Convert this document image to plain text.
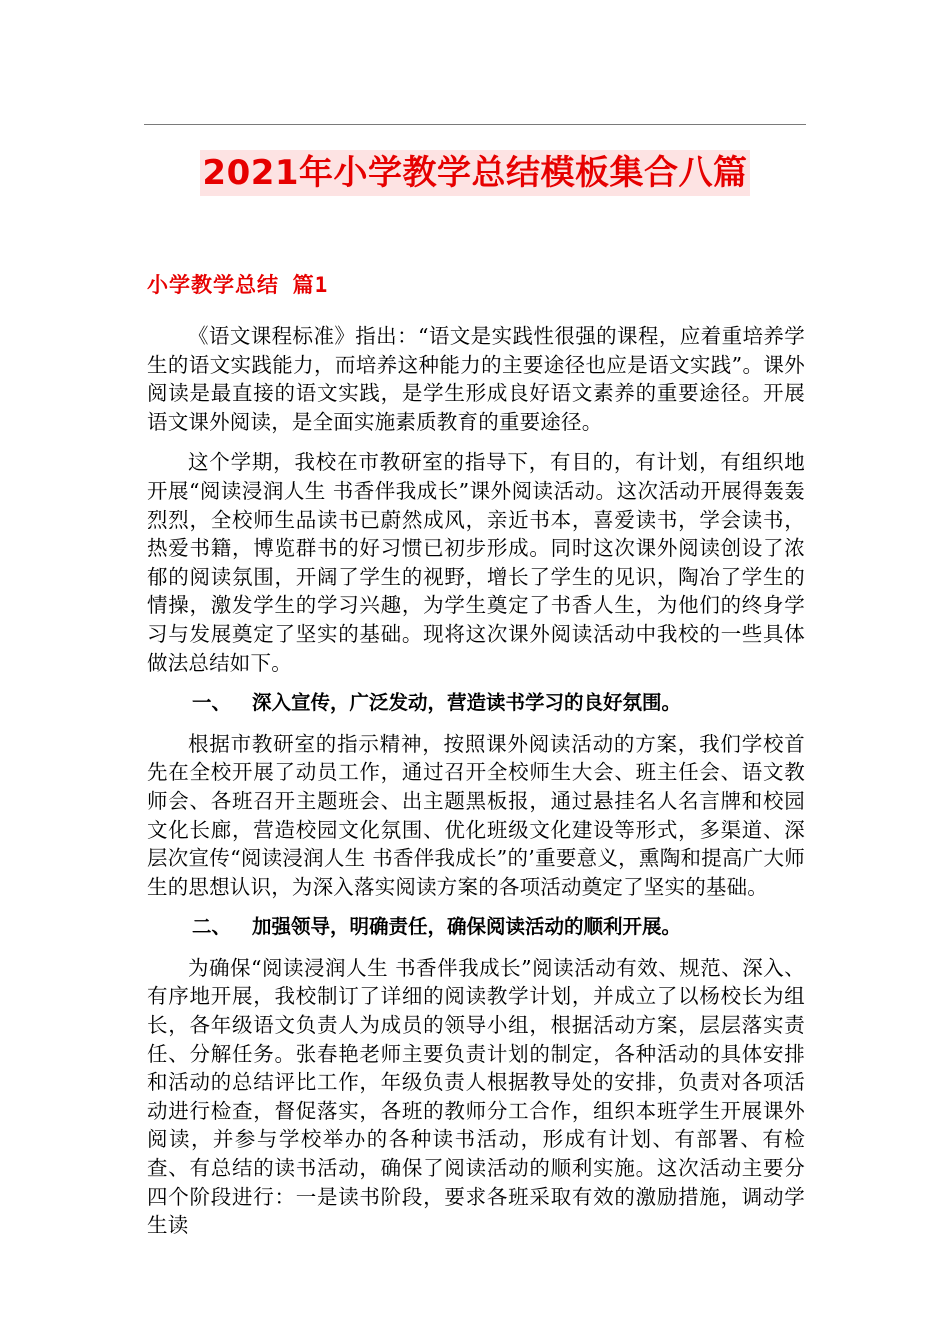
2021年小学教学总结模板集合八篇
小学教学总结 篇1

《语文课程标准》指出：“语文是实践性很强的课程，应着重培养学生的语文实践能力，而培养这种能力的主要途径也应是语文实践”。课外阅读是最直接的语文实践，是学生形成良好语文素养的重要途径。开展语文课外阅读，是全面实施素质教育的重要途径。

这个学期，我校在市教研室的指导下，有目的，有计划，有组织地开展“阅读浸润人生 书香伴我成长”课外阅读活动。这次活动开展得轰轰烈烈，全校师生品读书已蔚然成风，亲近书本，喜爱读书，学会读书，热爱书籍，博览群书的好习惯已初步形成。同时这次课外阅读创设了浓郁的阅读氛围，开阔了学生的视野，增长了学生的见识，陶冶了学生的情操，激发学生的学习兴趣，为学生奠定了书香人生，为他们的终身学习与发展奠定了坚实的基础。现将这次课外阅读活动中我校的一些具体做法总结如下。

一、 深入宣传，广泛发动，营造读书学习的良好氛围。

根据市教研室的指示精神，按照课外阅读活动的方案，我们学校首先在全校开展了动员工作，通过召开全校师生大会、班主任会、语文教师会、各班召开主题班会、出主题黑板报，通过悬挂名人名言牌和校园文化长廊，营造校园文化氛围、优化班级文化建设等形式，多渠道、深层次宣传“阅读浸润人生 书香伴我成长”的’重要意义，熏陶和提高广大师生的思想认识，为深入落实阅读方案的各项活动奠定了坚实的基础。

二、 加强领导，明确责任，确保阅读活动的顺利开展。

为确保“阅读浸润人生 书香伴我成长”阅读活动有效、规范、深入、有序地开展，我校制订了详细的阅读教学计划，并成立了以杨校长为组长，各年级语文负责人为成员的领导小组，根据活动方案，层层落实责任、分解任务。张春艳老师主要负责计划的制定，各种活动的具体安排和活动的总结评比工作，年级负责人根据教导处的安排，负责对各项活动进行检查，督促落实，各班的教师分工合作，组织本班学生开展课外阅读，并参与学校举办的各种读书活动，形成有计划、有部署、有检查、有总结的读书活动，确保了阅读活动的顺利实施。这次活动主要分四个阶段进行：一是读书阶段，要求各班采取有效的激励措施，调动学生读
